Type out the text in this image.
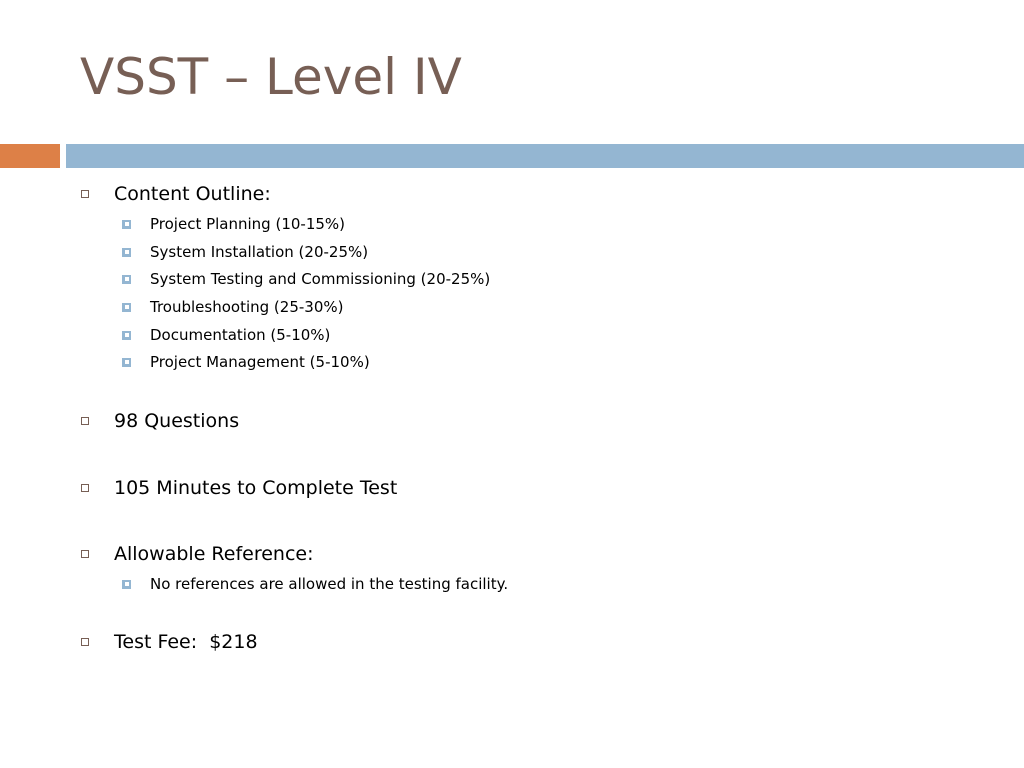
VSST – Level IV
Content Outline:
Project Planning (10-15%)
System Installation (20-25%)
System Testing and Commissioning (20-25%)
Troubleshooting (25-30%)
Documentation (5-10%)
Project Management (5-10%)
98 Questions
105 Minutes to Complete Test
Allowable Reference:
No references are allowed in the testing facility.
Test Fee:  $218
